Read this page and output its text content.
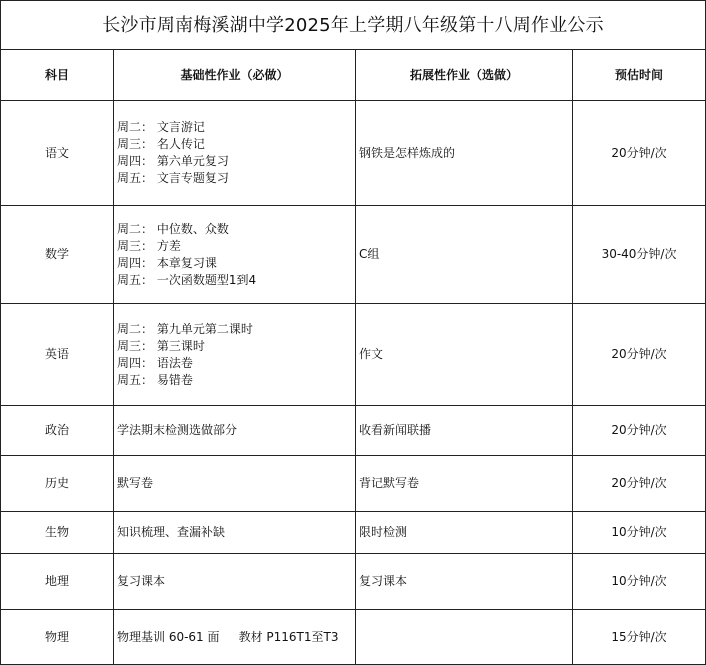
长沙市周南梅溪湖中学2025年上学期八年级第十八周作业公示			
科目	基础性作业（必做）	拓展性作业（选做）	预估时间
语文	周二： 文言游记
周三： 名人传记
周四： 第六单元复习
周五： 文言专题复习	钢铁是怎样炼成的	20分钟/次
数学	周二： 中位数、众数
周三： 方差
周四： 本章复习课
周五： 一次函数题型1到4	C组	30-40分钟/次
英语	周二： 第九单元第二课时
周三： 第三课时
周四： 语法卷
周五： 易错卷	作文	20分钟/次
政治	学法期末检测选做部分	收看新闻联播	20分钟/次
历史	默写卷	背记默写卷	20分钟/次
生物	知识梳理、查漏补缺	限时检测	10分钟/次
地理	复习课本	复习课本	10分钟/次
物理	物理基训 60-61 面     教材 P116T1至T3		15分钟/次
